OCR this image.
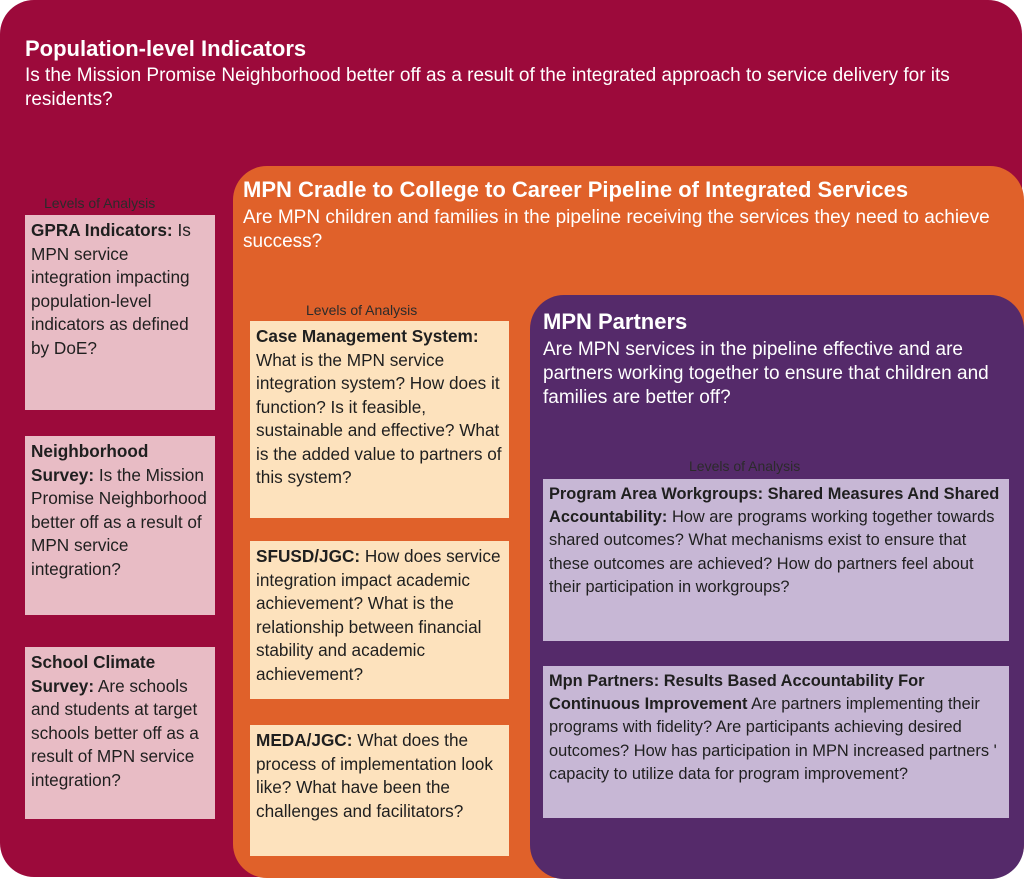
Population-level Indicators
Is the Mission Promise Neighborhood better off as a result of the integrated approach to service delivery for its residents?
Levels of Analysis
GPRA Indicators: Is MPN service integration impacting population-level indicators as defined by DoE?
Neighborhood Survey: Is the Mission Promise Neighborhood better off as a result of MPN service integration?
School Climate Survey: Are schools and students at target schools better off as a result of MPN service integration?
MPN Cradle to College to Career Pipeline of Integrated Services
Are MPN children and families in the pipeline receiving the services they need to achieve success?
Levels of Analysis
Case Management System: What is the MPN service integration system? How does it function? Is it feasible, sustainable and effective? What is the added value to partners of this system?
SFUSD/JGC: How does service integration impact academic achievement? What is the relationship between financial stability and academic achievement?
MEDA/JGC: What does the process of implementation look like? What have been the challenges and facilitators?
MPN Partners
Are MPN services in the pipeline effective and are partners working together to ensure that children and families are better off?
Levels of Analysis
Program Area Workgroups: Shared Measures And Shared Accountability: How are programs working together towards shared outcomes? What mechanisms exist to ensure that these outcomes are achieved? How do partners feel about their participation in workgroups?
Mpn Partners: Results Based Accountability For Continuous Improvement Are partners implementing their programs with fidelity? Are participants achieving desired outcomes? How has participation in MPN increased partners ' capacity to utilize data for program improvement?
